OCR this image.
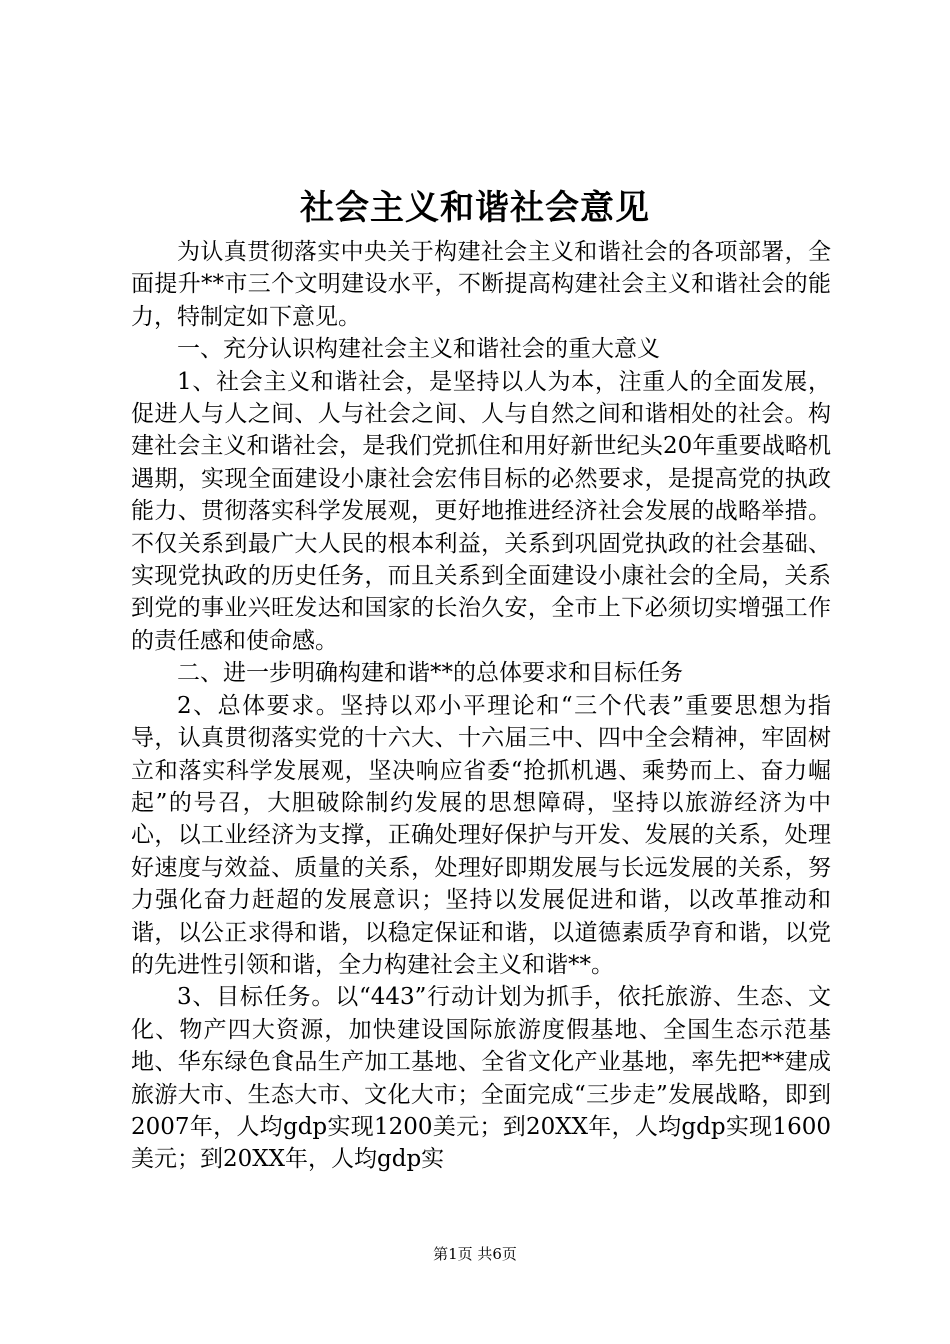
社会主义和谐社会意见

为认真贯彻落实中央关于构建社会主义和谐社会的各项部署，全面提升**市三个文明建设水平，不断提高构建社会主义和谐社会的能力，特制定如下意见。

一、充分认识构建社会主义和谐社会的重大意义

1、社会主义和谐社会，是坚持以人为本，注重人的全面发展，促进人与人之间、人与社会之间、人与自然之间和谐相处的社会。构建社会主义和谐社会，是我们党抓住和用好新世纪头20年重要战略机遇期，实现全面建设小康社会宏伟目标的必然要求，是提高党的执政能力、贯彻落实科学发展观，更好地推进经济社会发展的战略举措。不仅关系到最广大人民的根本利益，关系到巩固党执政的社会基础、实现党执政的历史任务，而且关系到全面建设小康社会的全局，关系到党的事业兴旺发达和国家的长治久安，全市上下必须切实增强工作的责任感和使命感。

二、进一步明确构建和谐**的总体要求和目标任务

2、总体要求。坚持以邓小平理论和“三个代表”重要思想为指导，认真贯彻落实党的十六大、十六届三中、四中全会精神，牢固树立和落实科学发展观，坚决响应省委“抢抓机遇、乘势而上、奋力崛起”的号召，大胆破除制约发展的思想障碍，坚持以旅游经济为中心，以工业经济为支撑，正确处理好保护与开发、发展的关系，处理好速度与效益、质量的关系，处理好即期发展与长远发展的关系，努力强化奋力赶超的发展意识；坚持以发展促进和谐，以改革推动和谐，以公正求得和谐，以稳定保证和谐，以道德素质孕育和谐，以党的先进性引领和谐，全力构建社会主义和谐**。

3、目标任务。以“443”行动计划为抓手，依托旅游、生态、文化、物产四大资源，加快建设国际旅游度假基地、全国生态示范基地、华东绿色食品生产加工基地、全省文化产业基地，率先把**建成旅游大市、生态大市、文化大市；全面完成“三步走”发展战略，即到2007年，人均gdp实现1200美元；到20XX年，人均gdp实现1600美元；到20XX年，人均gdp实

第1页 共6页
